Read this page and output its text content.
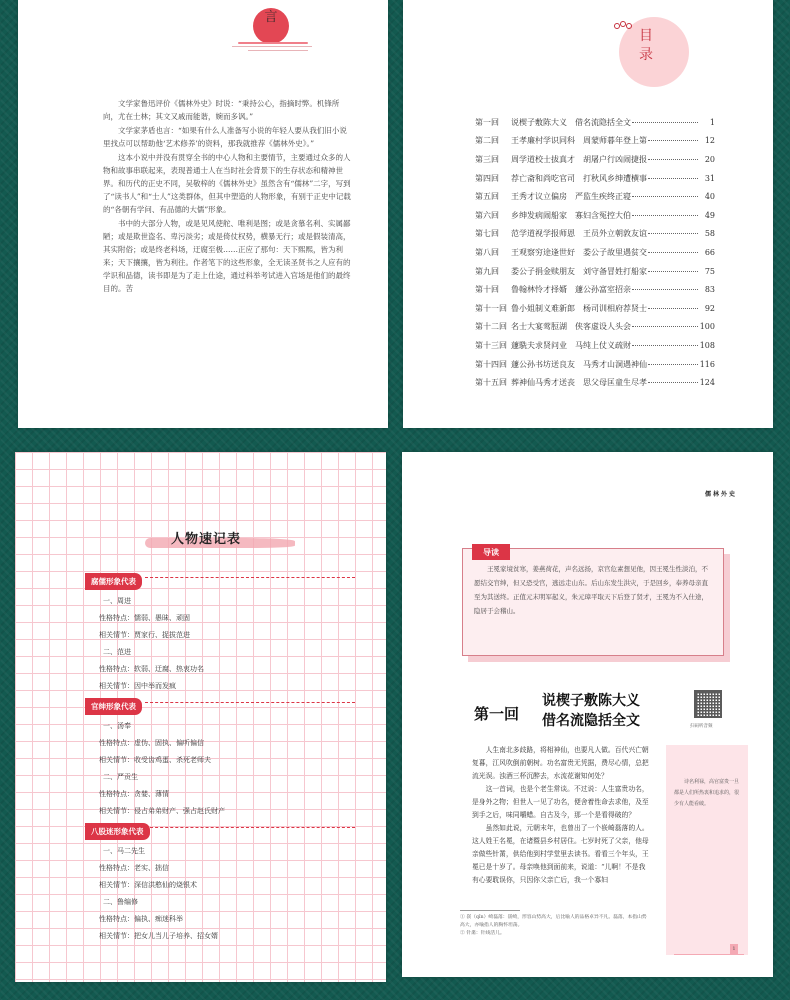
言

文学家鲁迅评价《儒林外史》时说：“秉持公心，指摘时弊。机锋所向，尤在士林；其文又戚而能谐，婉而多讽。”

文学家茅盾也言：“如果有什么人准备写小说的年轻人要从我们旧小说里找点可以帮助他‘艺术修养’的资料，那我就推荐《儒林外史》。”

这本小说中并没有贯穿全书的中心人物和主要情节，主要通过众多的人物和故事串联起来，表现普通士人在当时社会背景下的生存状态和精神世界。和历代的正史不同，吴敬梓的《儒林外史》虽然含有“儒林”二字，写到了“读书人”和“士人”这类群体，但其中塑造的人物形象，有别于正史中记载的“各朝有学问、有品德的大儒”形象。

书中的大部分人物，或是见风使舵、唯利是图；或是贪慕名利、实属鄙陋；或是欺世盗名、卑污淡劣；或是倚仗权势，横暴无行；或是假装清高，其实附俗；或是终老科场，迂腐至极……正应了那句：天下熙熙，皆为利来；天下攘攘，皆为利往。作者笔下的这些形象，全无读圣贤书之人应有的学识和品德，读书即是为了走上仕途，通过科举考试进入官场是他们的最终目的。苦

目录
第一回	说楔子敷陈大义　借名流隐括全文	1
第二回	王孝廉村学识同科　周蒙师暮年登上第	12
第三回	周学道校士拔真才　胡屠户行凶闹捷报	20
第四回	荐亡斋和尚吃官司　打秋风乡绅遭横事	31
第五回	王秀才议立偏房　严监生疾终正寝	40
第六回	乡绅发病闹船家　寡妇含冤控大伯	49
第七回	范学道视学报师恩　王员外立朝敦友谊	58
第八回	王观察穷途逢世好　娄公子故里遇贫交	66
第九回	娄公子捐金赎朋友　刘守备冒姓打船家	75
第十回	鲁翰林怜才择婿　蘧公孙富室招亲	83
第十一回 鲁小姐制义难新郎　杨司训相府荐贤士	92
第十二回 名士大宴莺脰湖　侠客虚设人头会	100
第十三回 蘧駪夫求贤问业　马纯上仗义疏财	108
第十四回 蘧公孙书坊送良友　马秀才山洞遇神仙	116
第十五回 葬神仙马秀才送丧　思父母匡童生尽孝	124
人物速记表
腐儒形象代表
一、周进
性格特点：懦弱、愚昧、顽固
相关情节：贾家行、捉拔范进
二、范进
性格特点：软弱、迂腐、热衷功名
相关情节：因中举而发疯
官绅形象代表
一、汤奉
性格特点：虚伪、固执、偏听偏信
相关情节：收受齿鸡蛋、杀死老师夫
二、严贡生
性格特点：贪婪、薄情
相关情节：侵占弟弟财产、强占赵氏财产
八股迷形象代表
一、马二先生
性格特点：老实、拙信
相关情节：深信洪憨仙的烧银术
二、鲁编修
性格特点：偏执、痴迷科举
相关情节：把女儿当儿子培养、招女婿
儒林外史
导读
王冕家境贫寒，姜燕荷花，声名远扬，京官危素想见他，因王冕生性淡泊，不愿结交官绅，但又恐受官，逃远走山东。后山东发生洪灾，于是回乡，奉养母亲直至为其送终。正值元末明军起义，朱元璋平取天下后登了贤才，王冕为不入仕途，隐居于会稽山。
第一回
说楔子敷陈大义
借名流隐括全文	扫码听音频
诗名利禄，高官富贵一旦都是人们所热衷和追求的，很少有人能看破。

人生南北多歧路，将相神仙，也要凡人做。百代兴亡朝复暮，江风吹倒前朝树。功名富贵无凭据，费尽心情，总把流光误。浊酒三杯沉醉去，水流花谢知何处？

这一首词，也是个老生常谈。不过说：人生富贵功名，是身外之物；但世人一见了功名，便舍着性命去求他，及至到手之后，味同嚼蜡。自古及今，那一个是看得破的？

虽然如此说，元朝末年，也曾出了一个嵚崎磊落的人。这人姓王名冕，在诸暨县乡村居住。七岁时死了父亲，他母亲做些针黹，供给他到村学堂里去读书。看看三个年头，王冕已是十岁了。母亲唤他到面前来，说道：“儿啊！不是我有心要耽误你，只因你父亲亡后，我一个寡妇

① 嵚（qīn）崎磊落：嵚崎，形容山势高大，后比喻人的品格卓异不凡。磊落，本指山势高大，亦喻指人的胸怀坦荡。
② 针黹：针线活儿。
1
